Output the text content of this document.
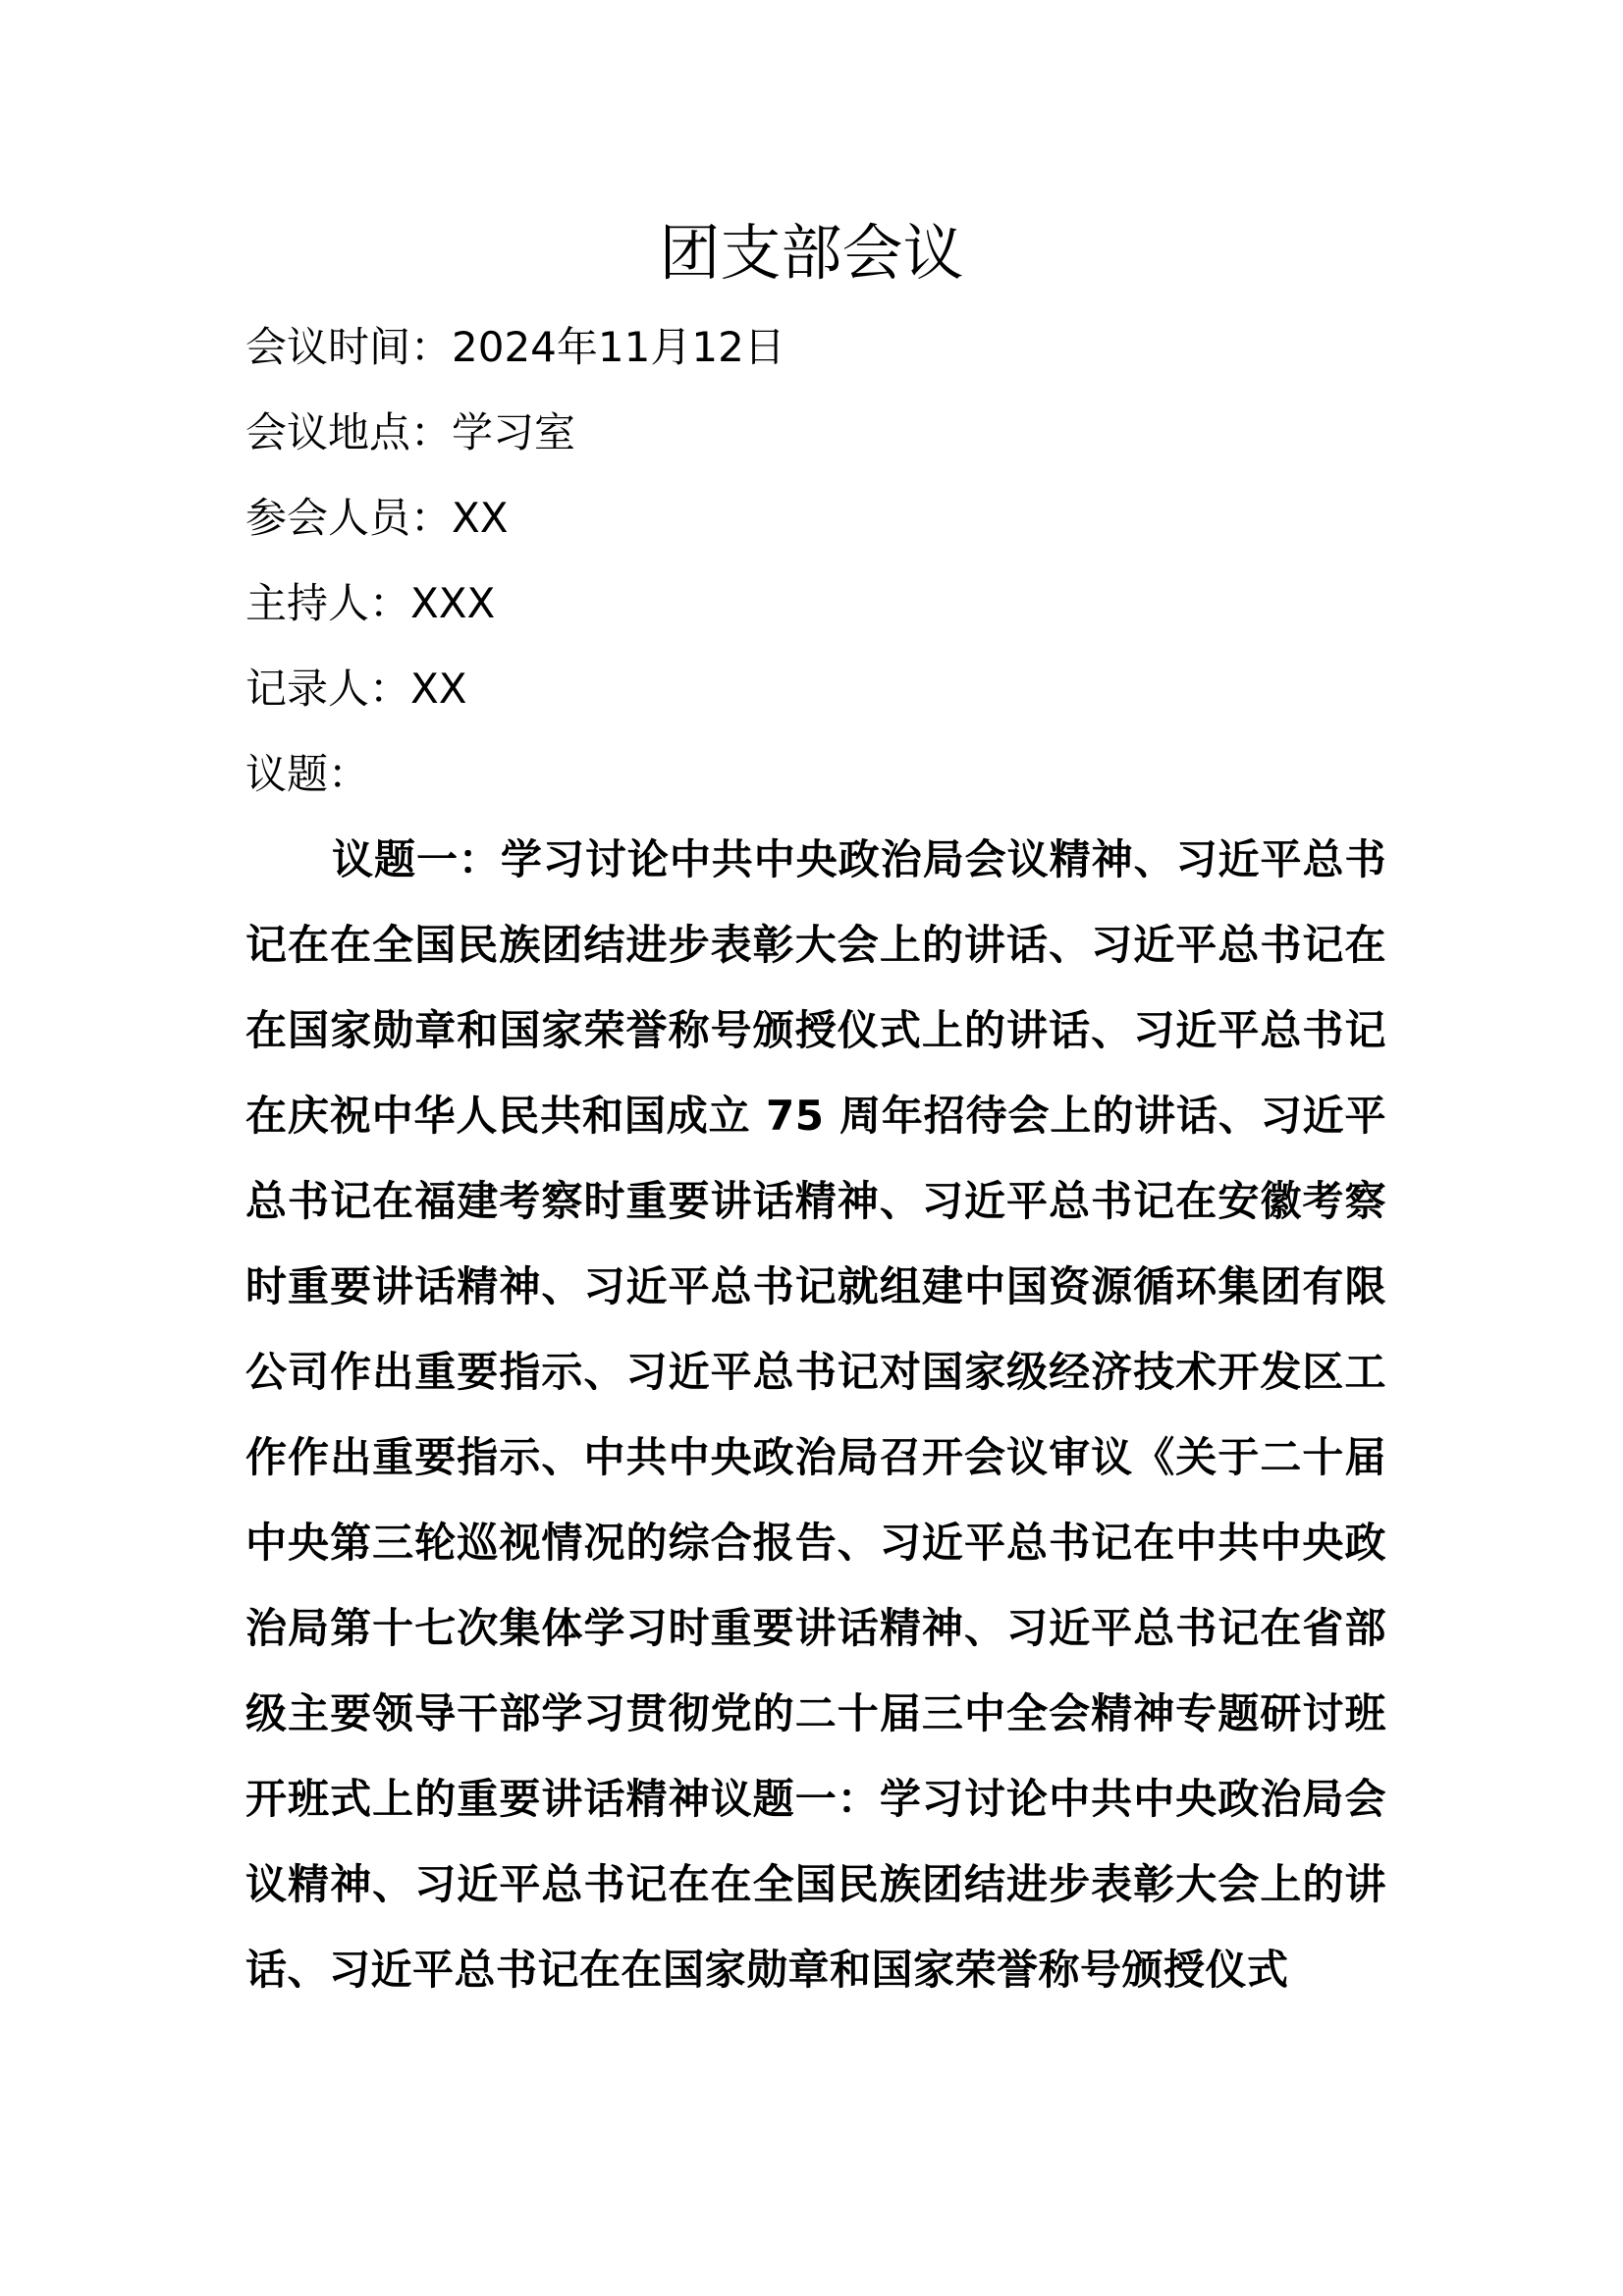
团支部会议
会议时间：2024年11月12日
会议地点：学习室
参会人员：XX
主持人：XXX
记录人：XX
议题：

议题一：学习讨论中共中央政治局会议精神、习近平总书记在在全国民族团结进步表彰大会上的讲话、习近平总书记在在国家勋章和国家荣誉称号颁授仪式上的讲话、习近平总书记在庆祝中华人民共和国成立 75 周年招待会上的讲话、习近平总书记在福建考察时重要讲话精神、习近平总书记在安徽考察时重要讲话精神、习近平总书记就组建中国资源循环集团有限公司作出重要指示、习近平总书记对国家级经济技术开发区工作作出重要指示、中共中央政治局召开会议审议《关于二十届中央第三轮巡视情况的综合报告、习近平总书记在中共中央政治局第十七次集体学习时重要讲话精神、习近平总书记在省部级主要领导干部学习贯彻党的二十届三中全会精神专题研讨班开班式上的重要讲话精神议题一：学习讨论中共中央政治局会议精神、习近平总书记在在全国民族团结进步表彰大会上的讲话、习近平总书记在在国家勋章和国家荣誉称号颁授仪式
